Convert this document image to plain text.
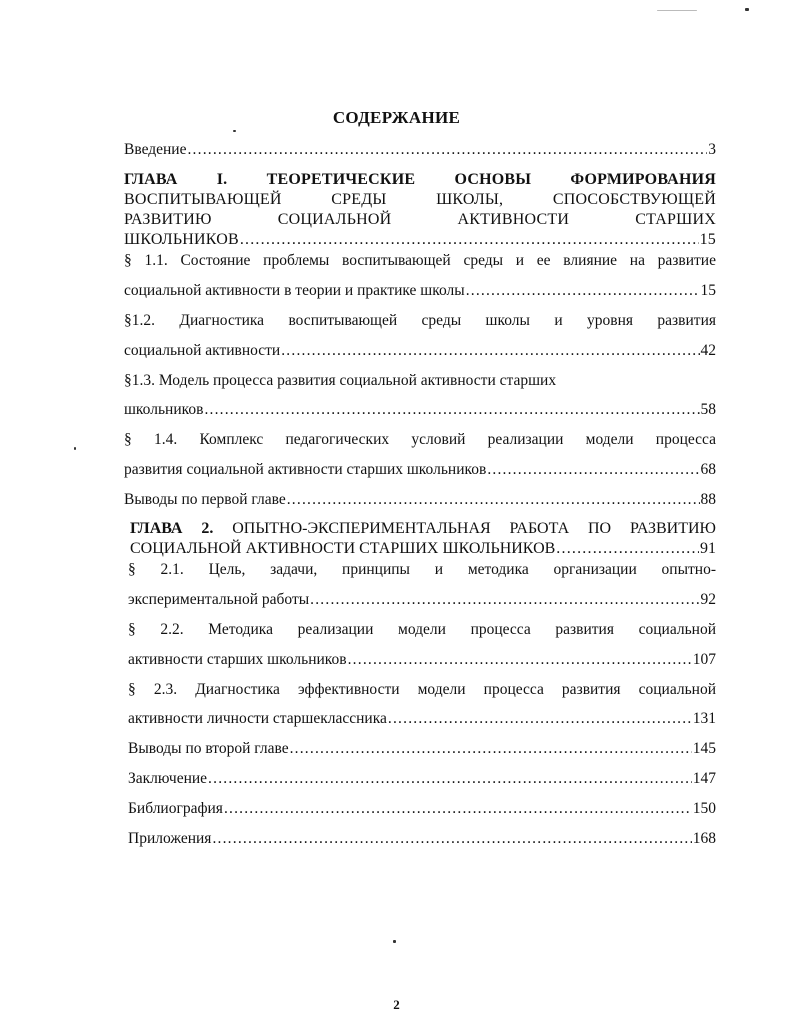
СОДЕРЖАНИЕ
Введение .....	3
ГЛАВА І. ТЕОРЕТИЧЕСКИЕ ОСНОВЫ ФОРМИРОВАНИЯ
ВОСПИТЫВАЮЩЕЙ СРЕДЫ ШКОЛЫ, СПОСОБСТВУЮЩЕЙ
РАЗВИТИЮ СОЦИАЛЬНОЙ АКТИВНОСТИ СТАРШИХ
ШКОЛЬНИКОВ .....	15
§ 1.1. Состояние проблемы воспитывающей среды и ее влияние на развитие
социальной активности в теории и практике школы .....	15
§1.2. Диагностика воспитывающей среды школы и уровня развития
социальной активности .....	42
§1.3. Модель процесса развития социальной активности старших
школьников .....	58
§ 1.4. Комплекс педагогических условий реализации модели процесса
развития социальной активности старших школьников .....	68
Выводы по первой главе .....	88
ГЛАВА 2. ОПЫТНО-ЭКСПЕРИМЕНТАЛЬНАЯ РАБОТА ПО РАЗВИТИЮ
СОЦИАЛЬНОЙ АКТИВНОСТИ СТАРШИХ ШКОЛЬНИКОВ .....	91
§ 2.1. Цель, задачи, принципы и методика организации опытно-
экспериментальной работы .....	92
§ 2.2. Методика реализации модели процесса развития социальной
активности старших школьников .....	107
§ 2.3. Диагностика эффективности модели процесса развития социальной
активности личности старшеклассника .....	131
Выводы по второй главе .....	145
Заключение .....	147
Библиография .....	150
Приложения .....	168
2
